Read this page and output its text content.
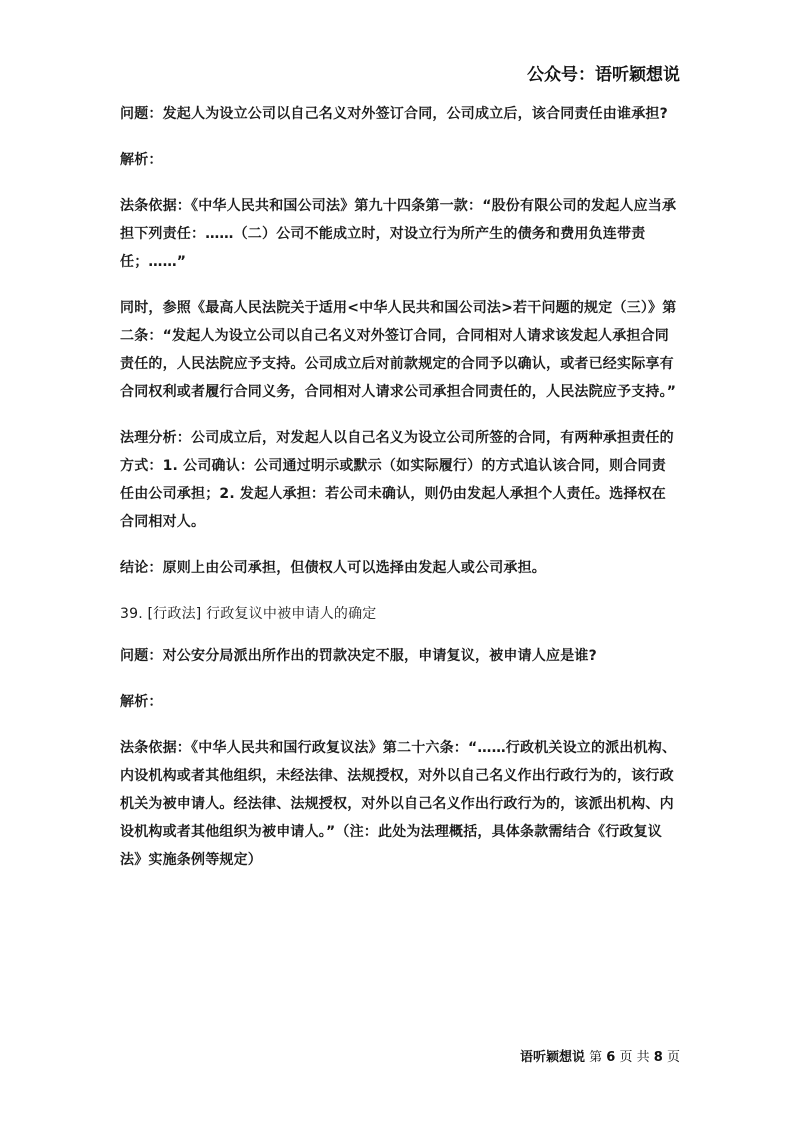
公众号：语听颖想说

问题：发起人为设立公司以自己名义对外签订合同，公司成立后，该合同责任由谁承担?

解析：

法条依据：《中华人民共和国公司法》第九十四条第一款：“股份有限公司的发起人应当承担下列责任：……（二）公司不能成立时，对设立行为所产生的债务和费用负连带责任；……”

同时，参照《最高人民法院关于适用<中华人民共和国公司法>若干问题的规定（三）》第二条：“发起人为设立公司以自己名义对外签订合同，合同相对人请求该发起人承担合同责任的，人民法院应予支持。公司成立后对前款规定的合同予以确认，或者已经实际享有合同权利或者履行合同义务，合同相对人请求公司承担合同责任的，人民法院应予支持。”

法理分析：公司成立后，对发起人以自己名义为设立公司所签的合同，有两种承担责任的方式：1. 公司确认：公司通过明示或默示（如实际履行）的方式追认该合同，则合同责任由公司承担；2. 发起人承担：若公司未确认，则仍由发起人承担个人责任。选择权在合同相对人。

结论：原则上由公司承担，但债权人可以选择由发起人或公司承担。

39. [行政法] 行政复议中被申请人的确定

问题：对公安分局派出所作出的罚款决定不服，申请复议，被申请人应是谁?

解析：

法条依据：《中华人民共和国行政复议法》第二十六条：“……行政机关设立的派出机构、内设机构或者其他组织，未经法律、法规授权，对外以自己名义作出行政行为的，该行政机关为被申请人。经法律、法规授权，对外以自己名义作出行政行为的，该派出机构、内设机构或者其他组织为被申请人。”（注：此处为法理概括，具体条款需结合《行政复议法》实施条例等规定）

语听颖想说 第 6 页 共 8 页
